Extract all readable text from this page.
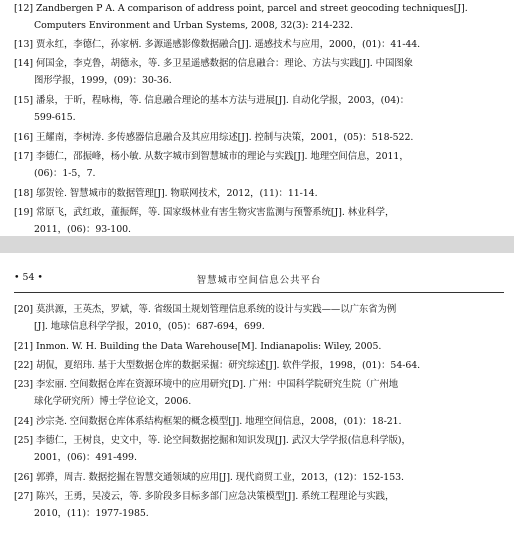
[12] Zandbergen P A. A comparison of address point, parcel and street geocoding techniques[J].
Computers Environment and Urban Systems, 2008, 32(3): 214-232.
[13] 贾永红，李德仁，孙家柄. 多源遥感影像数据融合[J]. 遥感技术与应用，2000，(01)：41-44.
[14] 何国金，李克鲁，胡德永，等. 多卫星遥感数据的信息融合：理论、方法与实践[J]. 中国图象
图形学报，1999，(09)：30-36.
[15] 潘泉，于昕，程咏梅，等. 信息融合理论的基本方法与进展[J]. 自动化学报，2003，(04)：
599-615.
[16] 王耀南，李树涛. 多传感器信息融合及其应用综述[J]. 控制与决策，2001，(05)：518-522.
[17] 李德仁，邵振峰，杨小敏. 从数字城市到智慧城市的理论与实践[J]. 地理空间信息，2011，
(06)：1-5，7.
[18] 邬贺铨. 智慧城市的数据管理[J]. 物联网技术，2012，(11)：11-14.
[19] 常原飞，武红敢，董振辉，等. 国家级林业有害生物灾害监测与预警系统[J]. 林业科学，
2011，(06)：93-100.
• 54 •	智慧城市空间信息公共平台
[20] 莫洪源，王英杰，罗斌，等. 省级国土规划管理信息系统的设计与实践——以广东省为例
[J]. 地球信息科学学报，2010，(05)：687-694，699.
[21] Inmon. W. H. Building the Data Warehouse[M]. Indianapolis: Wiley, 2005.
[22] 胡侃，夏绍玮. 基于大型数据仓库的数据采掘：研究综述[J]. 软件学报，1998，(01)：54-64.
[23] 李宏丽. 空间数据仓库在资源环境中的应用研究[D]. 广州：中国科学院研究生院（广州地
球化学研究所）博士学位论文，2006.
[24] 沙宗尧. 空间数据仓库体系结构框架的概念模型[J]. 地理空间信息，2008，(01)：18-21.
[25] 李德仁，王树良，史文中，等. 论空间数据挖掘和知识发现[J]. 武汉大学学报(信息科学版)，
2001，(06)：491-499.
[26] 郭骅，周吉. 数据挖掘在智慧交通领域的应用[J]. 现代商贸工业，2013，(12)：152-153.
[27] 陈兴，王勇，吴凌云，等. 多阶段多目标多部门应急决策模型[J]. 系统工程理论与实践，
2010，(11)：1977-1985.
